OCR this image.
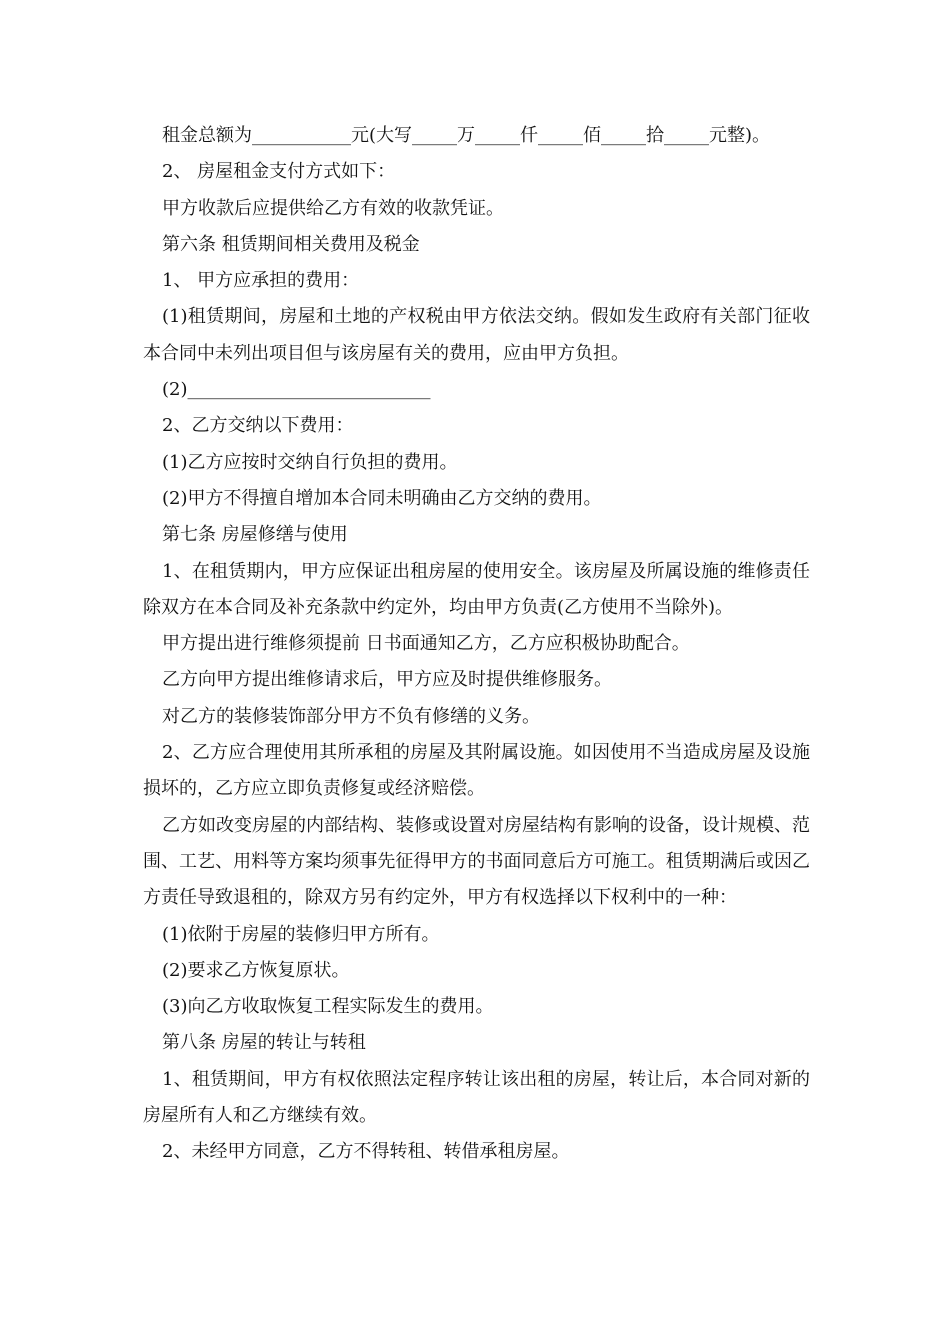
租金总额为___________元(大写_____万_____仟_____佰_____拾_____元整)。

2、 房屋租金支付方式如下：

甲方收款后应提供给乙方有效的收款凭证。

第六条 租赁期间相关费用及税金

1、 甲方应承担的费用：

(1)租赁期间，房屋和土地的产权税由甲方依法交纳。假如发生政府有关部门征收本合同中未列出项目但与该房屋有关的费用，应由甲方负担。

(2)___________________________

2、乙方交纳以下费用：

(1)乙方应按时交纳自行负担的费用。

(2)甲方不得擅自增加本合同未明确由乙方交纳的费用。

第七条 房屋修缮与使用

1、在租赁期内，甲方应保证出租房屋的使用安全。该房屋及所属设施的维修责任除双方在本合同及补充条款中约定外，均由甲方负责(乙方使用不当除外)。

甲方提出进行维修须提前 日书面通知乙方，乙方应积极协助配合。

乙方向甲方提出维修请求后，甲方应及时提供维修服务。

对乙方的装修装饰部分甲方不负有修缮的义务。

2、乙方应合理使用其所承租的房屋及其附属设施。如因使用不当造成房屋及设施损坏的，乙方应立即负责修复或经济赔偿。

乙方如改变房屋的内部结构、装修或设置对房屋结构有影响的设备，设计规模、范围、工艺、用料等方案均须事先征得甲方的书面同意后方可施工。租赁期满后或因乙方责任导致退租的，除双方另有约定外，甲方有权选择以下权利中的一种：

(1)依附于房屋的装修归甲方所有。

(2)要求乙方恢复原状。

(3)向乙方收取恢复工程实际发生的费用。

第八条 房屋的转让与转租

1、租赁期间，甲方有权依照法定程序转让该出租的房屋，转让后，本合同对新的房屋所有人和乙方继续有效。

2、未经甲方同意，乙方不得转租、转借承租房屋。
